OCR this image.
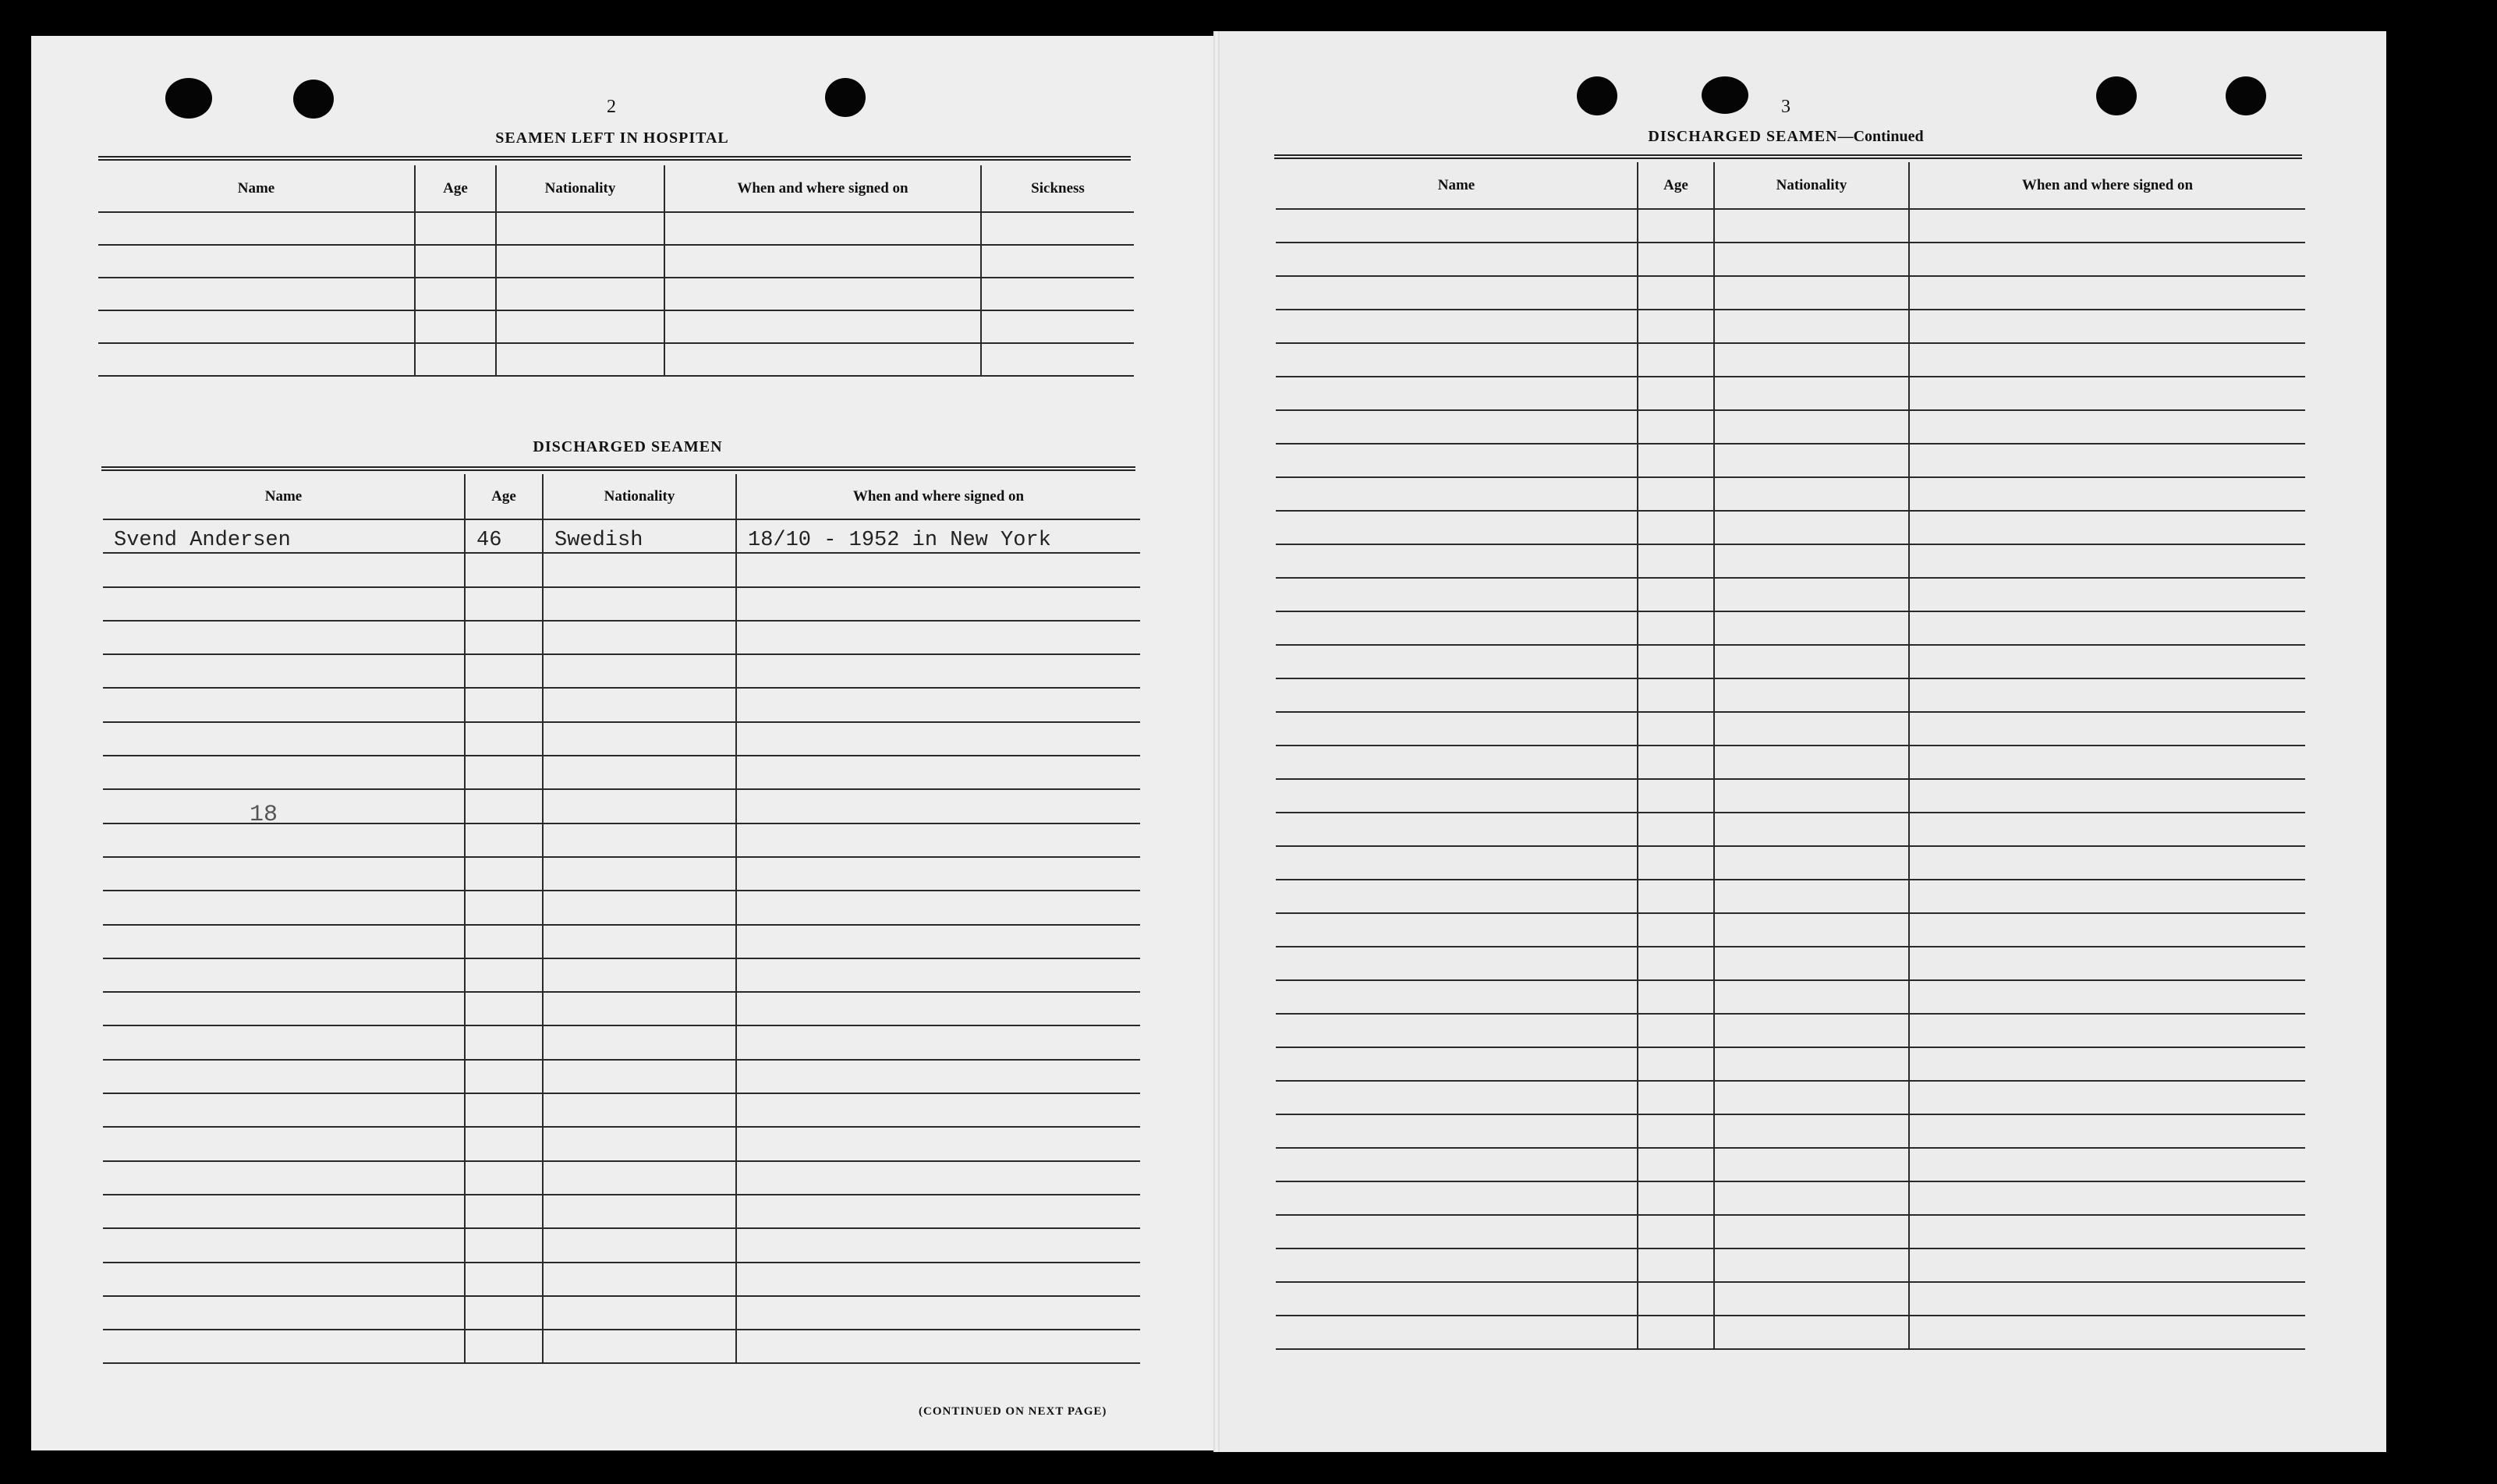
2
SEAMEN LEFT IN HOSPITAL
Name	Age	Nationality	When and where signed on	Sickness

DISCHARGED SEAMEN
Name	Age	Nationality	When and where signed on
Svend Andersen	46	Swedish	18/10 - 1952 in New York

18
(CONTINUED ON NEXT PAGE)
3
DISCHARGED SEAMEN—Continued
Name	Age	Nationality	When and where signed on
